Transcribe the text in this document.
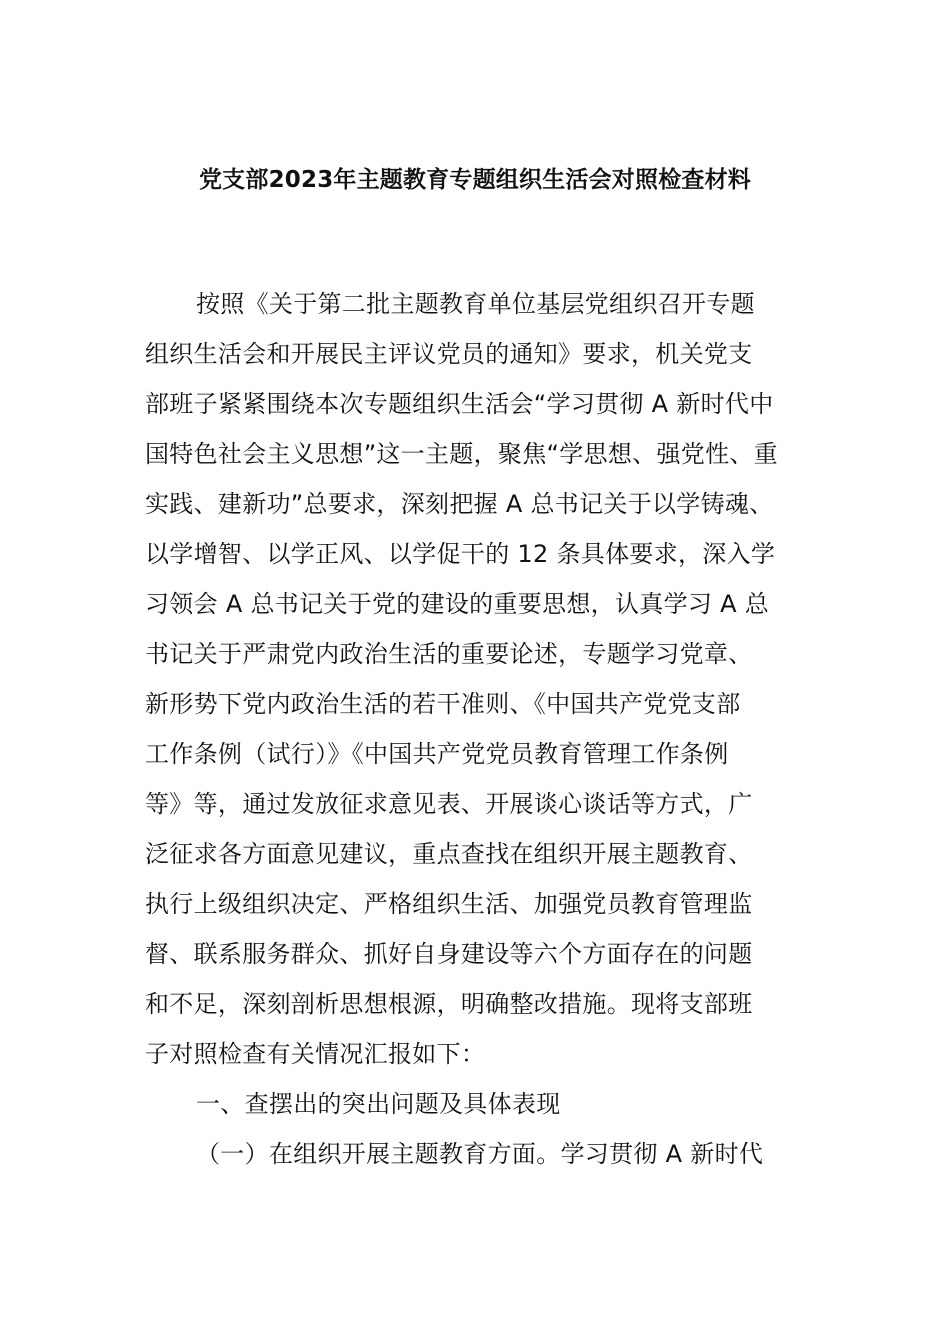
党支部2023年主题教育专题组织生活会对照检查材料
按照《关于第二批主题教育单位基层党组织召开专题
组织生活会和开展民主评议党员的通知》要求，机关党支
部班子紧紧围绕本次专题组织生活会“学习贯彻 A 新时代中
国特色社会主义思想”这一主题，聚焦“学思想、强党性、重
实践、建新功”总要求，深刻把握 A 总书记关于以学铸魂、
以学增智、以学正风、以学促干的 12 条具体要求，深入学
习领会 A 总书记关于党的建设的重要思想，认真学习 A 总
书记关于严肃党内政治生活的重要论述，专题学习党章、
新形势下党内政治生活的若干准则、《中国共产党党支部
工作条例（试行）》《中国共产党党员教育管理工作条例
等》等，通过发放征求意见表、开展谈心谈话等方式，广
泛征求各方面意见建议，重点查找在组织开展主题教育、
执行上级组织决定、严格组织生活、加强党员教育管理监
督、联系服务群众、抓好自身建设等六个方面存在的问题
和不足，深刻剖析思想根源，明确整改措施。现将支部班
子对照检查有关情况汇报如下：
一、查摆出的突出问题及具体表现
（一）在组织开展主题教育方面。学习贯彻 A 新时代
